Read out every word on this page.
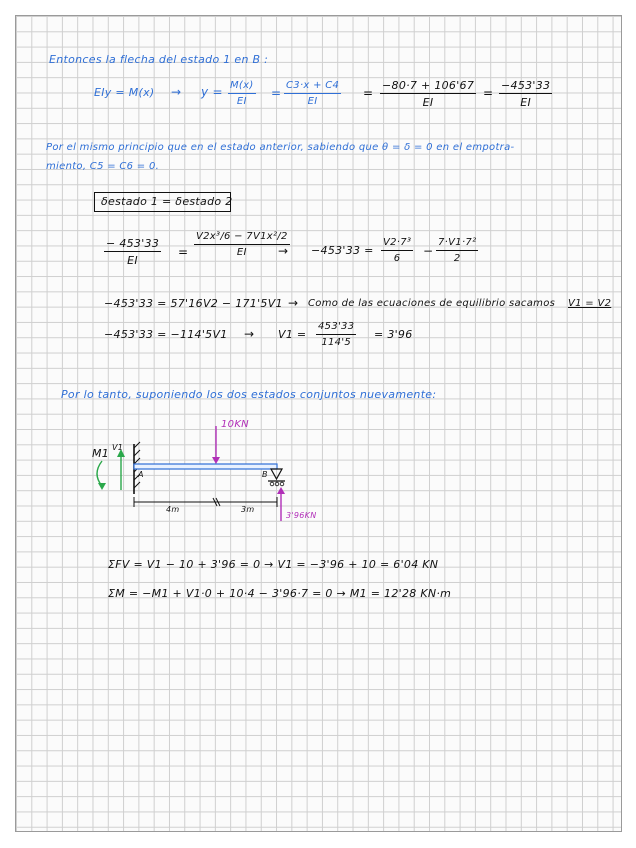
Entonces la flecha del estado 1 en B :
EIy = $M(x) \to y = \frac{M(x)}{EI} = \frac{C3\cdot x + C4}{EI} = \frac{-80\cdot 7 + 106'67}{EI} = \frac{-453'33}{EI}$
Por el mismo principio que en el estado anterior, sabiendo que θ = δ = 0 en el empotra-
miento, C5 = C6 = 0.
δestado 1 = δestado 2
$\frac{- 453'33}{EI} = \frac{\text{V2x³/6 − 7V1x²/2}}{EI}$
→ $-453'33 = \frac{\text{V2·7³}}{6} - \frac{\text{7·V1·7²}}{2}$
−453'33 = 57'16V2 − 171'5V1 → Como de las ecuaciones de equilibrio sacamos V1 = V2
$-453'33 = -114'5V1 \to V1 = \frac{453'33}{114'5} = 3'96$
Por lo tanto, suponiendo los dos estados conjuntos nuevamente:
10KN
M1 V1
A	B
4m	3m
3'96KN
ΣFV = V1 − 10 + 3'96 = 0 → V1 = −3'96 + 10 = 6'04 KN
ΣM = −M1 + V1·0 + 10·4 − 3'96·7 = 0 → M1 = 12'28 KN·m
